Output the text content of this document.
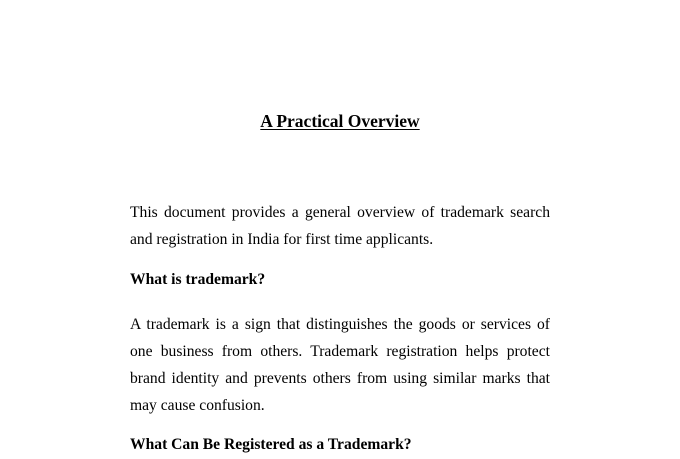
A Practical Overview

This document provides a general overview of trademark search and registration in India for first time applicants.

What is trademark?

A trademark is a sign that distinguishes the goods or services of one business from others. Trademark registration helps protect brand identity and prevents others from using similar marks that may cause confusion.

What Can Be Registered as a Trademark?
